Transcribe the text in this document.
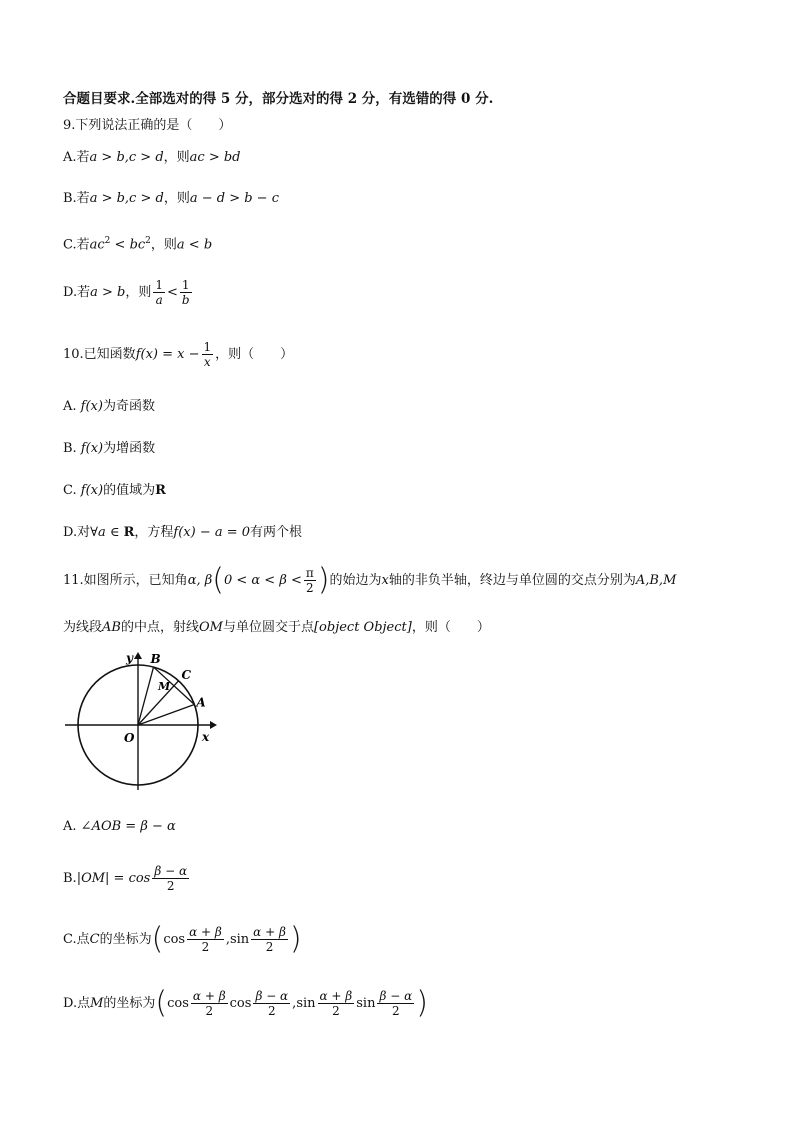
合题目要求.全部选对的得 5 分，部分选对的得 2 分，有选错的得 0 分.
9.下列说法正确的是（　　）
A.若a > b,c > d，则ac > bd
B.若a > b,c > d，则a − d > b − c
C.若$ac^2 < bc^2$，则a < b
D.若a > b，则 $\frac{1}{a} < \frac{1}{b}$
10.已知函数$f(x) = x - \frac{1}{x}$ ，则（　　）
A. f(x)为奇函数
B. f(x)为增函数
C. f(x)的值域为R
D.对∀a ∈ R，方程f(x) − a = 0有两个根
11.如图所示，已知角α, $\beta(0 < \alpha < \beta < \frac{\pi}{2}$ )的始边为x轴的非负半轴，终边与单位圆的交点分别为A,B,M
为线段AB的中点，射线OM与单位圆交于点[object Object]，则（　　）
y
x
O
A
B
C
M
A. ∠AOB = β − α
$B.|OM| = \cos \frac{\beta - \alpha}{2}$
C.点C的坐标为($\cos \frac{\alpha + \beta}{2} ,\sin \frac{\alpha + \beta}{2}$ )
D.点M的坐标为($\cos \frac{\alpha + \beta}{2}$ $\cos \frac{\beta - \alpha}{2} ,\sin \frac{\alpha + \beta}{2}$ $\sin \frac{\beta - \alpha}{2}$ )
